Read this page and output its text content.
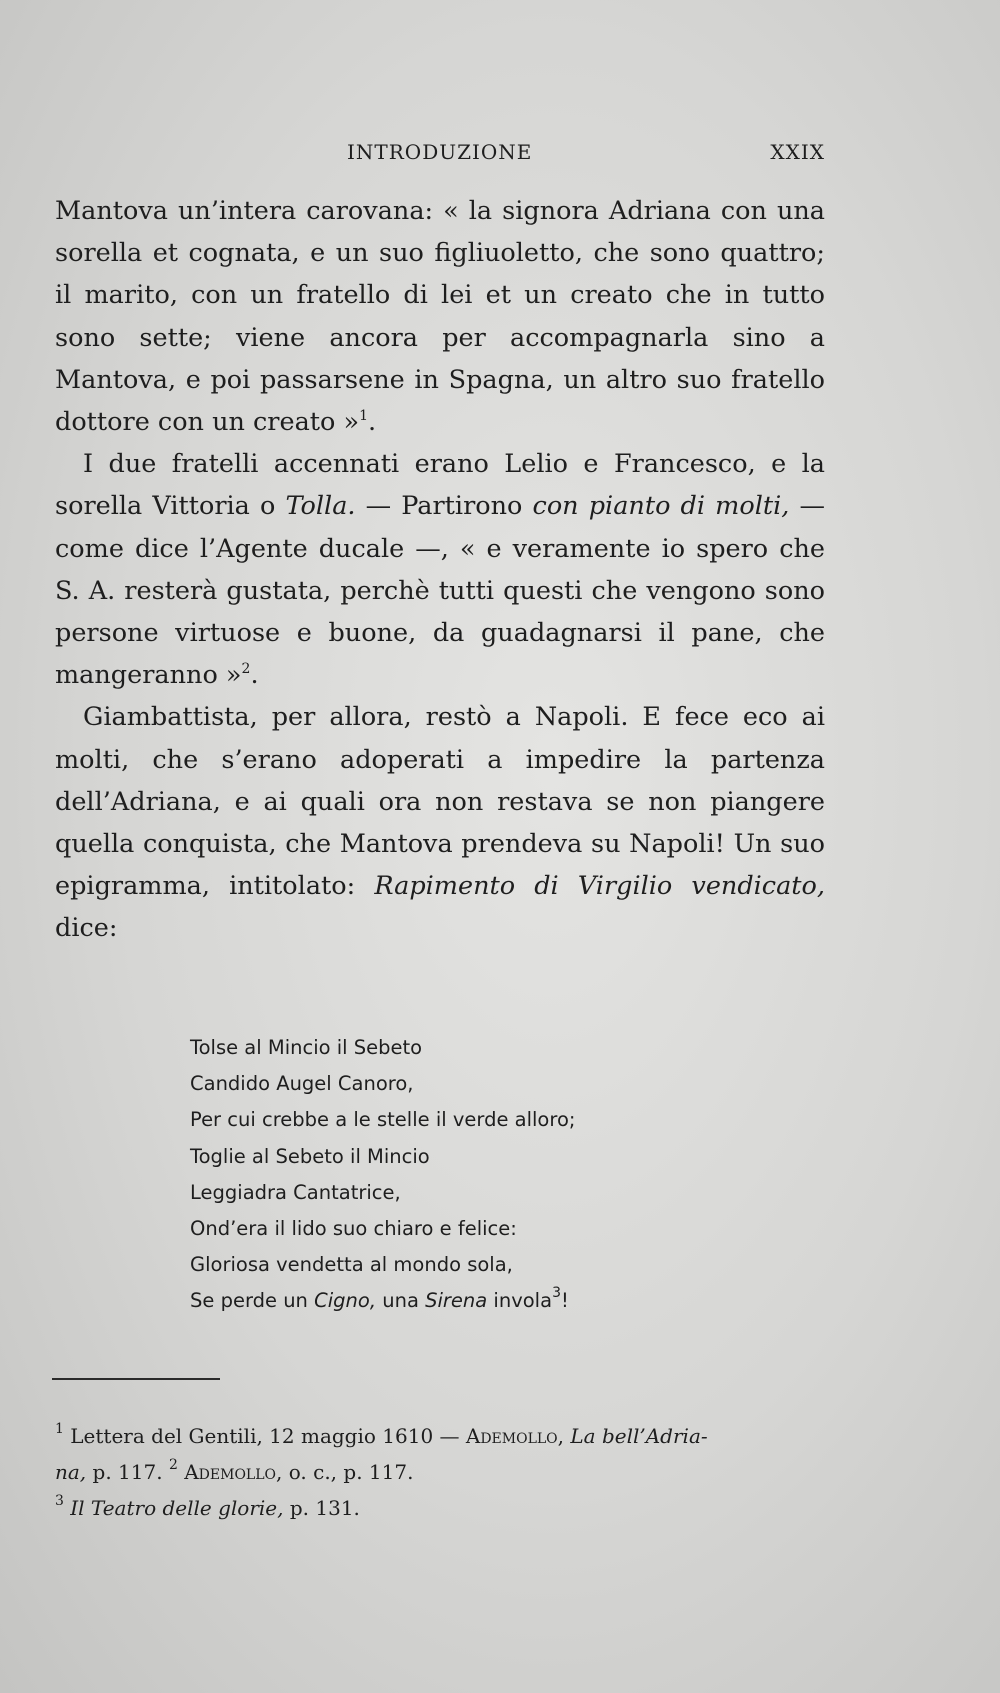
INTRODUZIONE	XXIX

Mantova un’intera carovana: « la signora Adriana con una sorella et cognata, e un suo figliuoletto, che sono quattro; il marito, con un fratello di lei et un creato che in tutto sono sette; viene ancora per accompagnarla sino a Mantova, e poi passarsene in Spagna, un altro suo fratello dottore con un creato »$^1$.

I due fratelli accennati erano Lelio e Francesco, e la sorella Vittoria o Tolla. — Partirono con pianto di molti, — come dice l’Agente ducale —, « e veramente io spero che S. A. resterà gustata, perchè tutti questi che vengono sono persone virtuose e buone, da guadagnarsi il pane, che mangeranno »$^2$.

Giambattista, per allora, restò a Napoli. E fece eco ai molti, che s’erano adoperati a impedire la partenza dell’Adriana, e ai quali ora non restava se non piangere quella conquista, che Mantova prendeva su Napoli! Un suo epigramma, intitolato: Rapimento di Virgilio vendicato, dice:

Tolse al Mincio il Sebeto
Candido Augel Canoro,
Per cui crebbe a le stelle il verde alloro;
Toglie al Sebeto il Mincio
Leggiadra Cantatrice,
Ond’era il lido suo chiaro e felice:
Gloriosa vendetta al mondo sola,
Se perde un Cigno, una Sirena invola$^3$!
$^1$ Lettera del Gentili, 12 maggio 1610 — Ademollo, La bell’Adria-
na, p. 117. $^2$ Ademollo, o. c., p. 117.
$^3$ Il Teatro delle glorie, p. 131.
